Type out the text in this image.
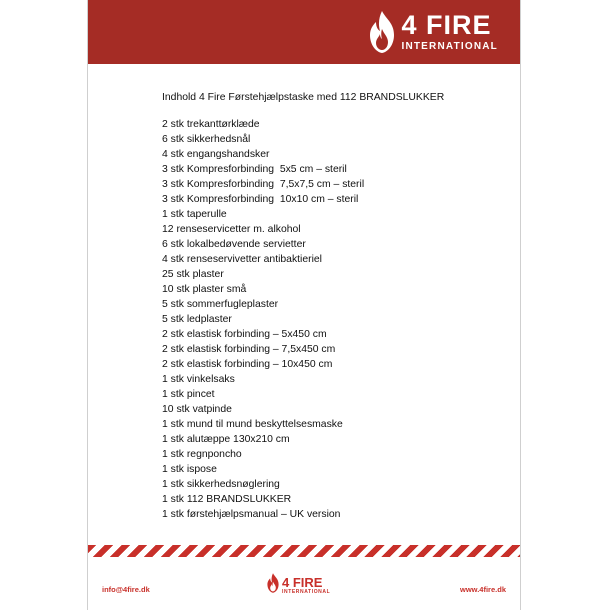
4 FIRE
INTERNATIONAL

Indhold 4 Fire Førstehjælpstaske med 112 BRANDSLUKKER

2 stk trekanttørklæde
6 stk sikkerhedsnål
4 stk engangshandsker
3 stk Kompresforbinding  5x5 cm – steril
3 stk Kompresforbinding  7,5x7,5 cm – steril
3 stk Kompresforbinding  10x10 cm – steril
1 stk taperulle
12 renseservicetter m. alkohol
6 stk lokalbedøvende servietter
4 stk renseservivetter antibaktieriel
25 stk plaster
10 stk plaster små
5 stk sommerfugleplaster
5 stk ledplaster
2 stk elastisk forbinding – 5x450 cm
2 stk elastisk forbinding – 7,5x450 cm
2 stk elastisk forbinding – 10x450 cm
1 stk vinkelsaks
1 stk pincet
10 stk vatpinde
1 stk mund til mund beskyttelsesmaske
1 stk alutæppe 130x210 cm
1 stk regnponcho
1 stk ispose
1 stk sikkerhedsnøglering
1 stk 112 BRANDSLUKKER
1 stk førstehjælpsmanual – UK version
info@4fire.dk	4 FIRE
INTERNATIONAL	www.4fire.dk
